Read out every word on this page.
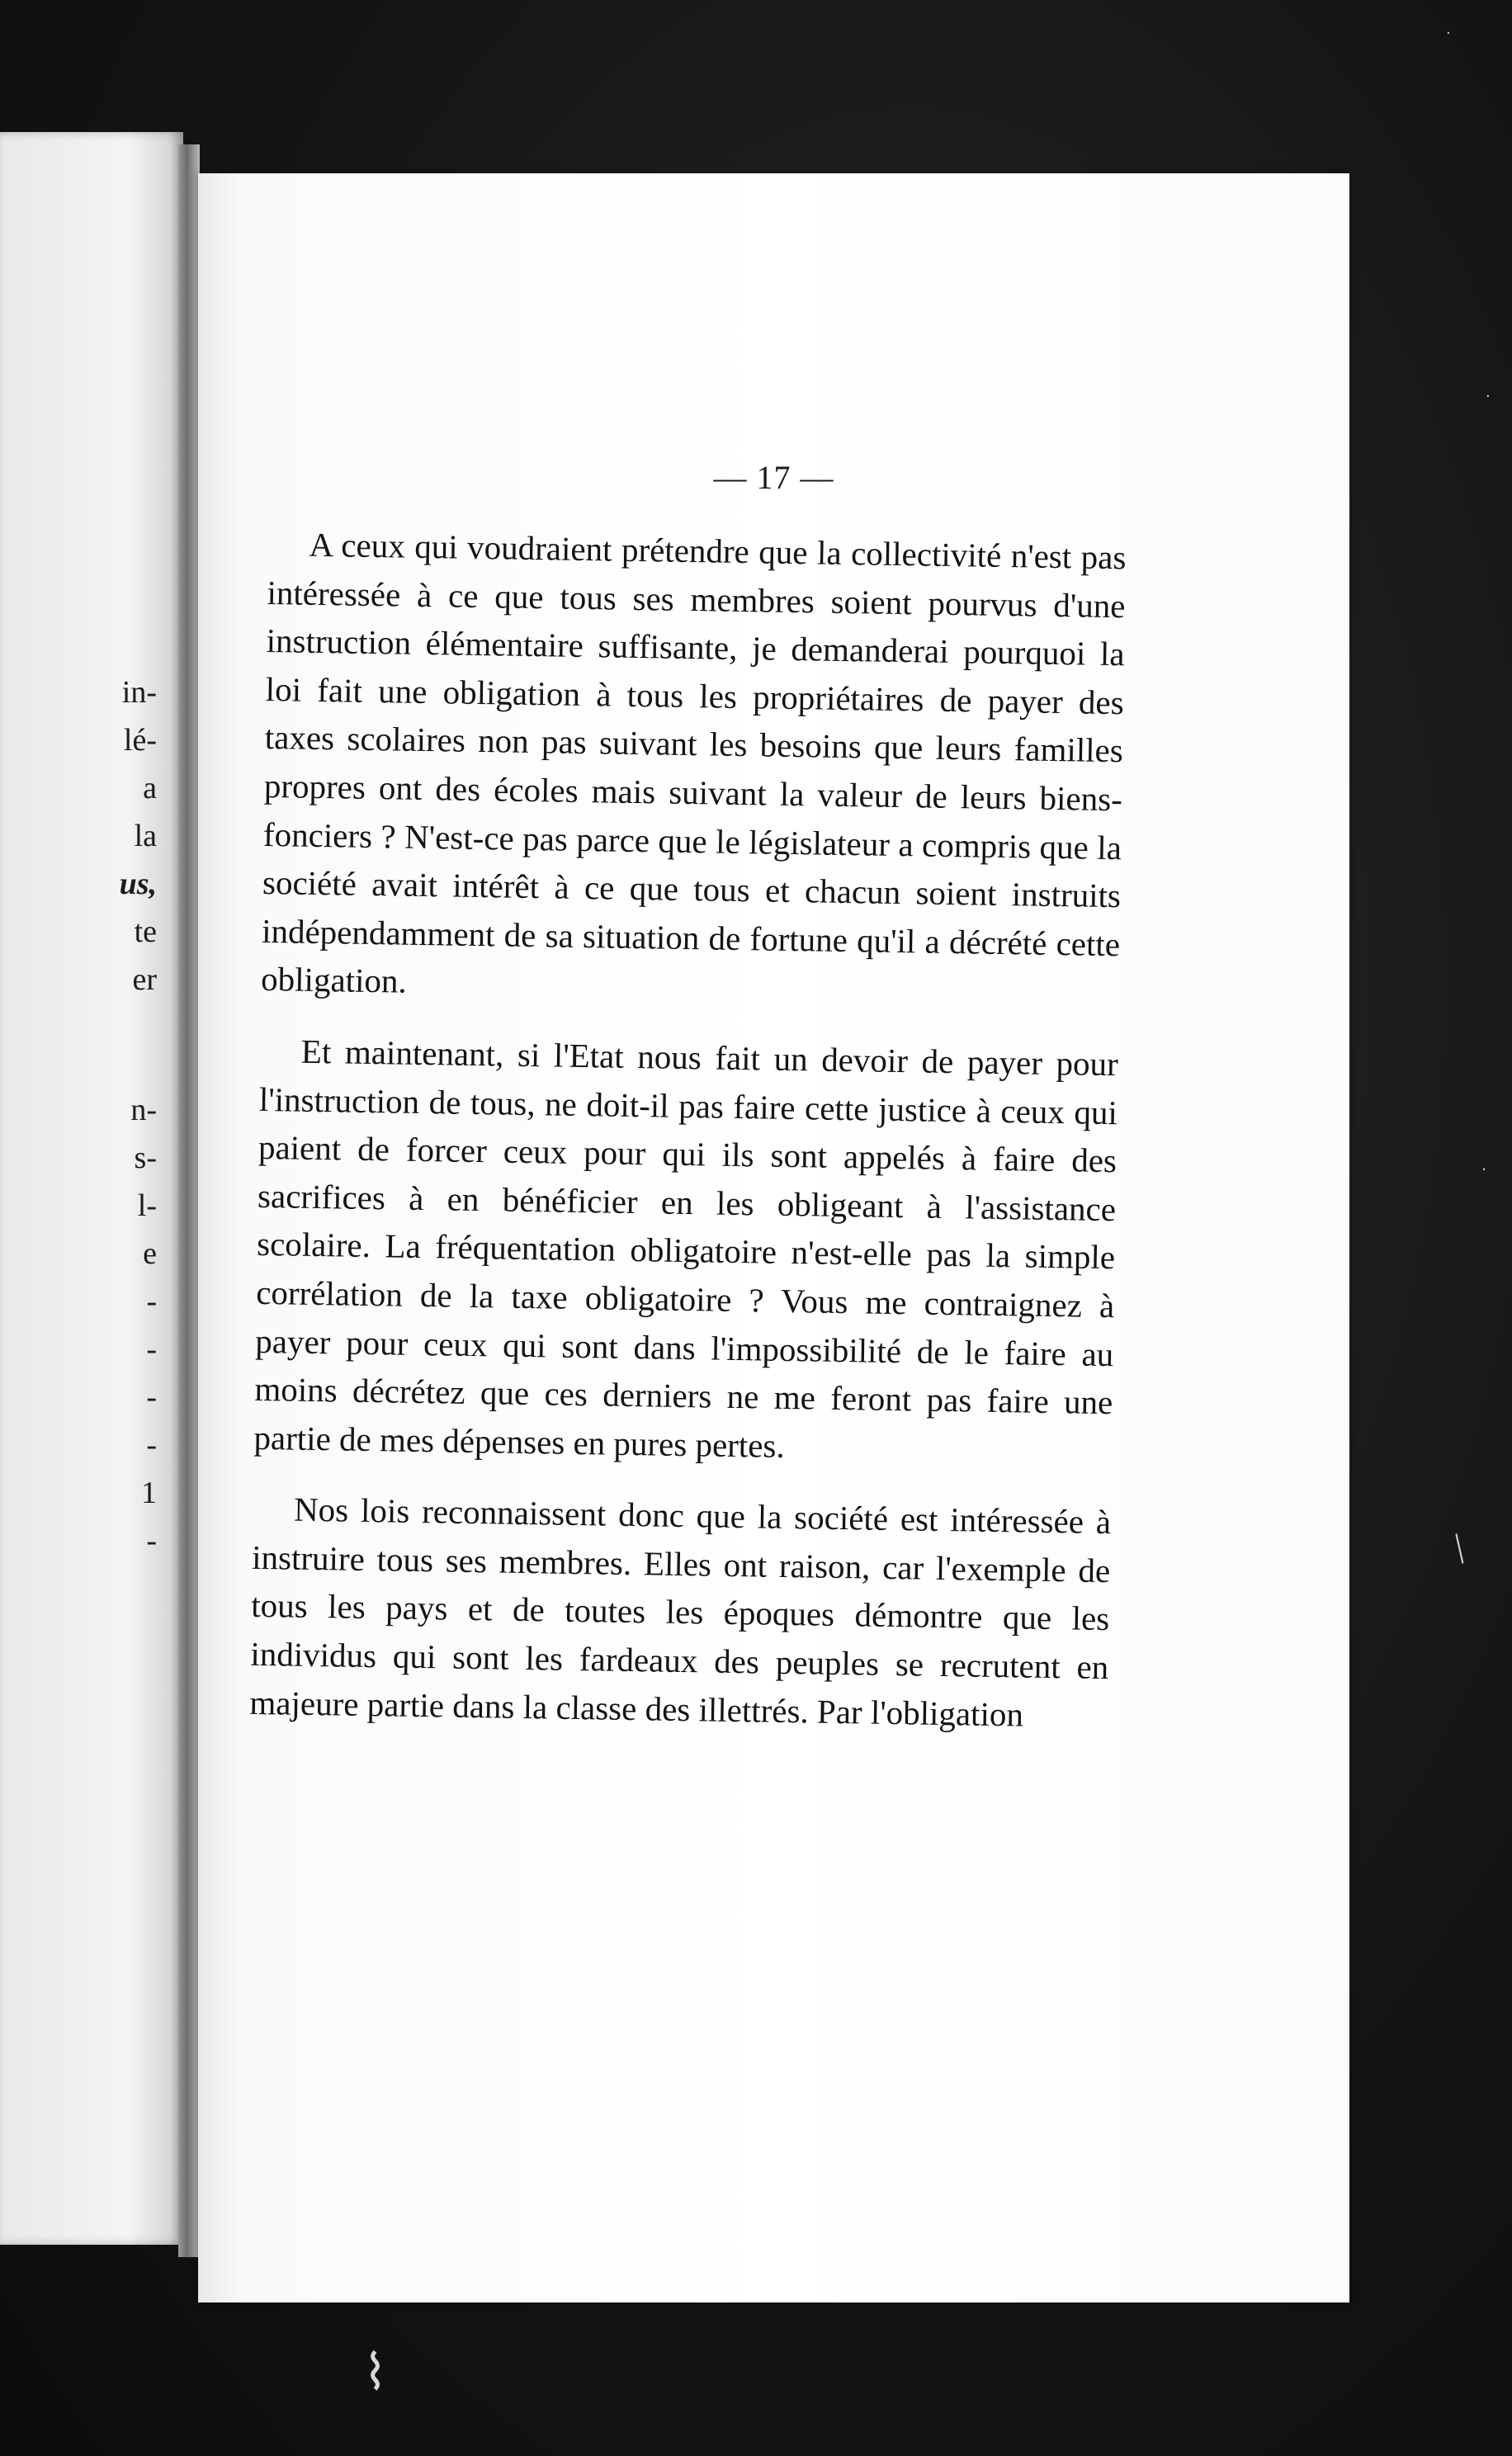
in-
lé-
a
la
us,
te
er
n-
s-
l-
e
-
-
-
-
1
-
— 17 —

A ceux qui voudraient prétendre que la collectivité n'est pas intéressée à ce que tous ses membres soient pourvus d'une instruction élémentaire suffisante, je demanderai pourquoi la loi fait une obligation à tous les propriétaires de payer des taxes scolaires non pas suivant les besoins que leurs familles propres ont des écoles mais suivant la valeur de leurs biens-fonciers ? N'est-ce pas parce que le législateur a compris que la société avait intérêt à ce que tous et chacun soient instruits indépendamment de sa situation de fortune qu'il a décrété cette obligation.

Et maintenant, si l'Etat nous fait un devoir de payer pour l'instruction de tous, ne doit-il pas faire cette justice à ceux qui paient de forcer ceux pour qui ils sont appelés à faire des sacrifices à en bénéficier en les obligeant à l'assistance scolaire. La fréquentation obligatoire n'est-elle pas la simple corrélation de la taxe obligatoire ? Vous me contraignez à payer pour ceux qui sont dans l'impossibilité de le faire au moins décrétez que ces derniers ne me feront pas faire une partie de mes dépenses en pures pertes.

Nos lois reconnaissent donc que la société est intéressée à instruire tous ses membres. Elles ont raison, car l'exemple de tous les pays et de toutes les époques démontre que les individus qui sont les fardeaux des peuples se recrutent en majeure partie dans la classe des illettrés. Par l'obligation

·
·
·
╱
⌇
